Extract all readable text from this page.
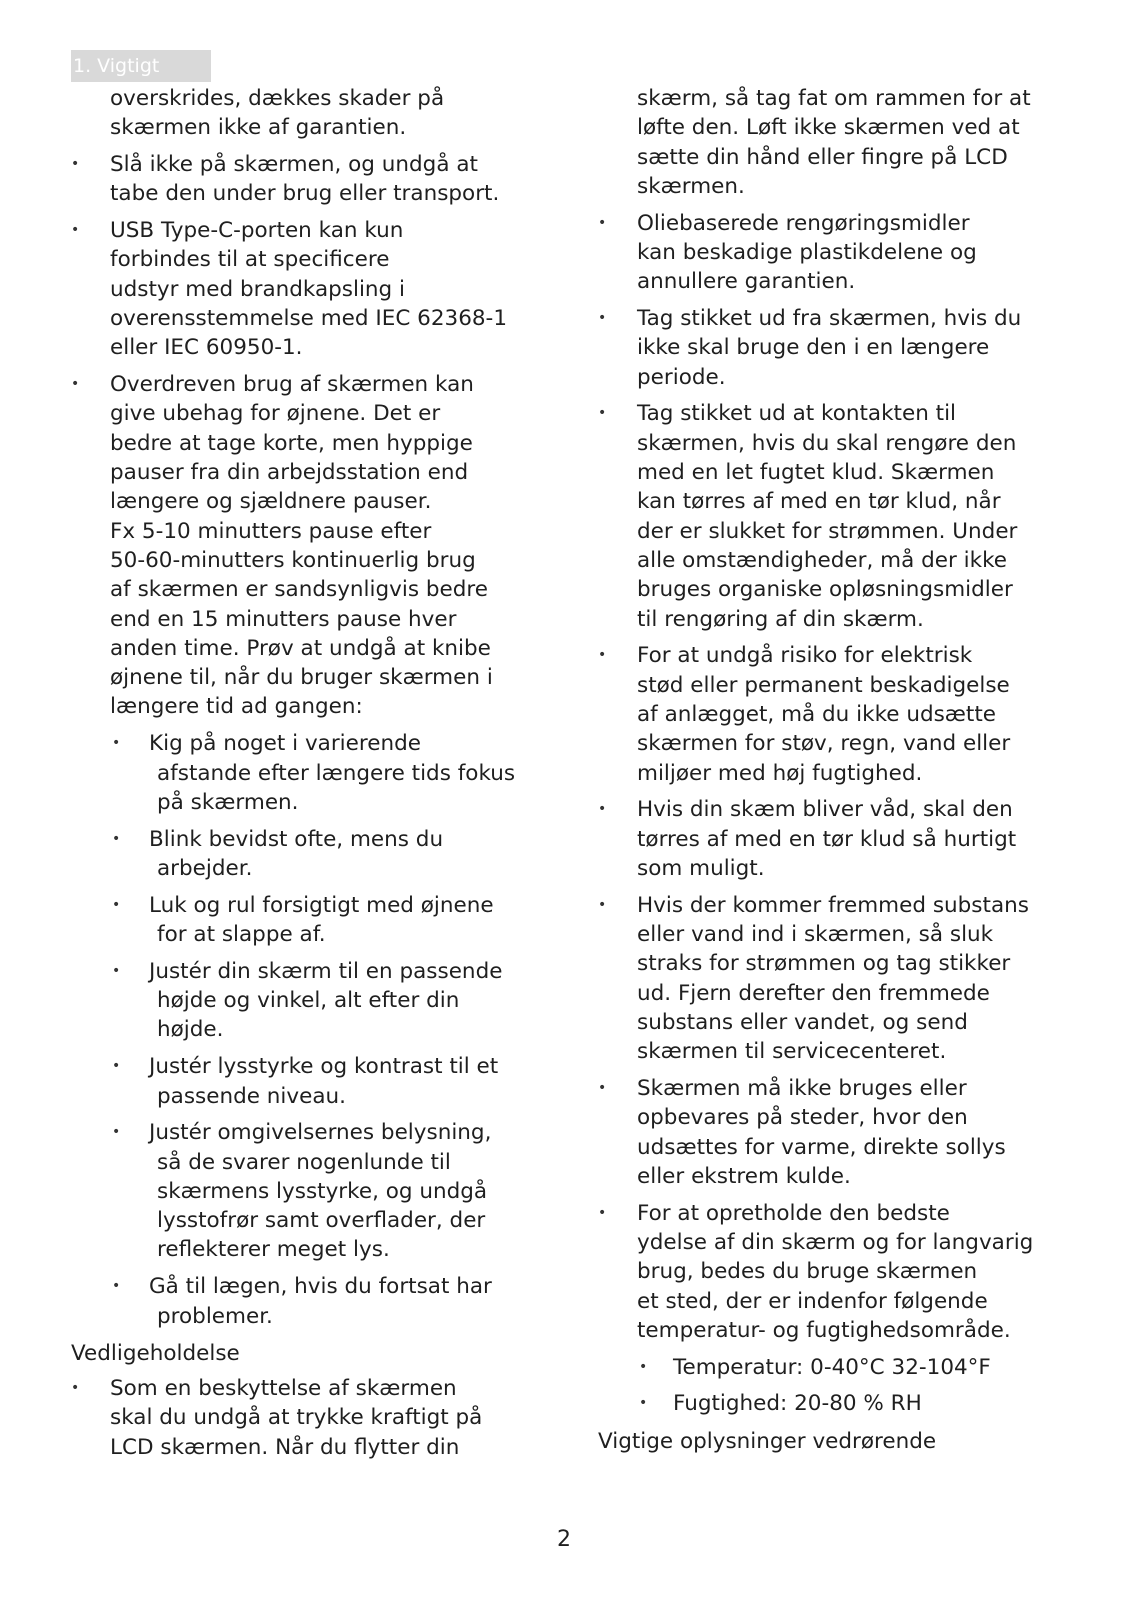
1. Vigtigt
overskrides, dækkes skader på
skærmen ikke af garantien.
• Slå ikke på skærmen, og undgå at
tabe den under brug eller transport.
• USB Type-C-porten kan kun
forbindes til at specificere
udstyr med brandkapsling i
overensstemmelse med IEC 62368-1
eller IEC 60950-1.
• Overdreven brug af skærmen kan
give ubehag for øjnene. Det er
bedre at tage korte, men hyppige
pauser fra din arbejdsstation end
længere og sjældnere pauser.
Fx 5-10 minutters pause efter
50-60-minutters kontinuerlig brug
af skærmen er sandsynligvis bedre
end en 15 minutters pause hver
anden time. Prøv at undgå at knibe
øjnene til, når du bruger skærmen i
længere tid ad gangen:
• Kig på noget i varierende
afstande efter længere tids fokus
på skærmen.
• Blink bevidst ofte, mens du
arbejder.
• Luk og rul forsigtigt med øjnene
for at slappe af.
• Justér din skærm til en passende
højde og vinkel, alt efter din
højde.
• Justér lysstyrke og kontrast til et
passende niveau.
• Justér omgivelsernes belysning,
så de svarer nogenlunde til
skærmens lysstyrke, og undgå
lysstofrør samt overflader, der
reflekterer meget lys.
• Gå til lægen, hvis du fortsat har
problemer.
Vedligeholdelse
• Som en beskyttelse af skærmen
skal du undgå at trykke kraftigt på
LCD skærmen. Når du flytter din
skærm, så tag fat om rammen for at
løfte den. Løft ikke skærmen ved at
sætte din hånd eller fingre på LCD
skærmen.
• Oliebaserede rengøringsmidler
kan beskadige plastikdelene og
annullere garantien.
• Tag stikket ud fra skærmen, hvis du
ikke skal bruge den i en længere
periode.
• Tag stikket ud at kontakten til
skærmen, hvis du skal rengøre den
med en let fugtet klud. Skærmen
kan tørres af med en tør klud, når
der er slukket for strømmen. Under
alle omstændigheder, må der ikke
bruges organiske opløsningsmidler
til rengøring af din skærm.
• For at undgå risiko for elektrisk
stød eller permanent beskadigelse
af anlægget, må du ikke udsætte
skærmen for støv, regn, vand eller
miljøer med høj fugtighed.
• Hvis din skæm bliver våd, skal den
tørres af med en tør klud så hurtigt
som muligt.
• Hvis der kommer fremmed substans
eller vand ind i skærmen, så sluk
straks for strømmen og tag stikker
ud. Fjern derefter den fremmede
substans eller vandet, og send
skærmen til servicecenteret.
• Skærmen må ikke bruges eller
opbevares på steder, hvor den
udsættes for varme, direkte sollys
eller ekstrem kulde.
• For at opretholde den bedste
ydelse af din skærm og for langvarig
brug, bedes du bruge skærmen
et sted, der er indenfor følgende
temperatur- og fugtighedsområde.
• Temperatur: 0-40°C 32-104°F
• Fugtighed: 20-80 % RH
Vigtige oplysninger vedrørende
2
